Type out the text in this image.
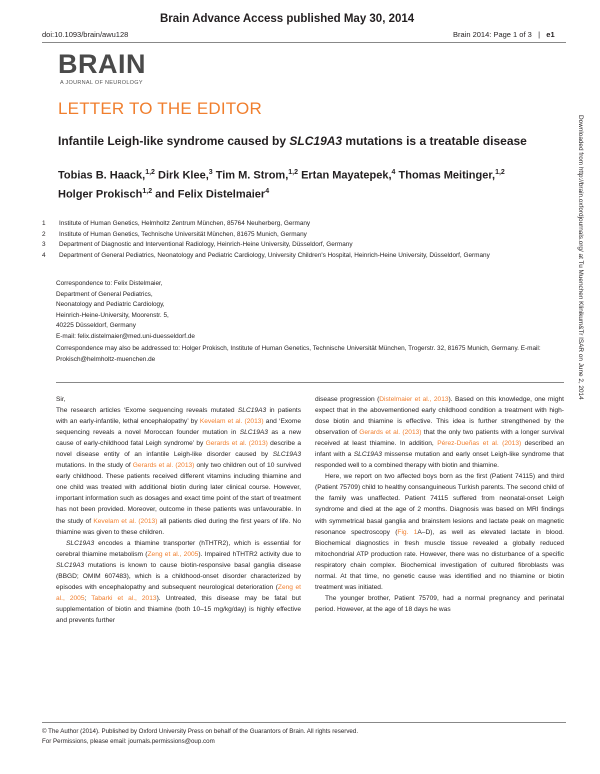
Brain Advance Access published May 30, 2014
doi:10.1093/brain/awu128	Brain 2014: Page 1 of 3 | e1
BRAIN
A JOURNAL OF NEUROLOGY
LETTER TO THE EDITOR
Infantile Leigh-like syndrome caused by SLC19A3 mutations is a treatable disease
Tobias B. Haack,$^{1,2}$ Dirk Klee,$^3$ Tim M. Strom,$^{1,2}$ Ertan Mayatepek,$^4$ Thomas Meitinger,$^{1,2}$
Holger Prokisch$^{1,2}$ and Felix Distelmaier$^4$
1	Institute of Human Genetics, Helmholtz Zentrum München, 85764 Neuherberg, Germany
2	Institute of Human Genetics, Technische Universität München, 81675 Munich, Germany
3	Department of Diagnostic and Interventional Radiology, Heinrich-Heine University, Düsseldorf, Germany
4	Department of General Pediatrics, Neonatology and Pediatric Cardiology, University Children's Hospital, Heinrich-Heine University, Düsseldorf, Germany
Correspondence to: Felix Distelmaier,
Department of General Pediatrics,
Neonatology and Pediatric Cardiology,
Heinrich-Heine-University, Moorenstr. 5,
40225 Düsseldorf, Germany
E-mail: felix.distelmaier@med.uni-duesseldorf.de
Correspondence may also be addressed to: Holger Prokisch, Institute of Human Genetics, Technische Universität München, Trogerstr. 32, 81675 Munich, Germany. E-mail: Prokisch@helmholtz-muenchen.de

Sir,

The research articles ‘Exome sequencing reveals mutated SLC19A3 in patients with an early-infantile, lethal encephalopathy’ by Kevelam et al. (2013) and ‘Exome sequencing reveals a novel Moroccan founder mutation in SLC19A3 as a new cause of early-childhood fatal Leigh syndrome’ by Gerards et al. (2013) describe a novel disease entity of an infantile Leigh-like disorder caused by SLC19A3 mutations. In the study of Gerards et al. (2013) only two children out of 10 survived early childhood. These patients received different vitamins including thiamine and one child was treated with additional biotin during later clinical course. However, important information such as dosages and exact time point of the start of treatment has not been provided. Moreover, outcome in these patients was unfavourable. In the study of Kevelam et al. (2013) all patients died during the first years of life. No thiamine was given to these children.

SLC19A3 encodes a thiamine transporter (hTHTR2), which is essential for cerebral thiamine metabolism (Zeng et al., 2005). Impaired hTHTR2 activity due to SLC19A3 mutations is known to cause biotin-responsive basal ganglia disease (BBGD; OMIM 607483), which is a childhood-onset disorder characterized by episodes with encephalopathy and subsequent neurological deterioration (Zeng et al., 2005; Tabarki et al., 2013). Untreated, this disease may be fatal but supplementation of biotin and thiamine (both 10–15 mg/kg/day) is highly effective and prevents further

disease progression (Distelmaier et al., 2013). Based on this knowledge, one might expect that in the abovementioned early childhood condition a treatment with high-dose biotin and thiamine is effective. This idea is further strengthened by the observation of Gerards et al. (2013) that the only two patients with a longer survival received at least thiamine. In addition, Pérez-Dueñas et al. (2013) described an infant with a SLC19A3 missense mutation and early onset Leigh-like syndrome that responded well to a combined therapy with biotin and thiamine.

Here, we report on two affected boys born as the first (Patient 74115) and third (Patient 75709) child to healthy consanguineous Turkish parents. The second child of the family was unaffected. Patient 74115 suffered from neonatal-onset Leigh syndrome and died at the age of 2 months. Diagnosis was based on MRI findings with symmetrical basal ganglia and brainstem lesions and lactate peak on magnetic resonance spectroscopy (Fig. 1A–D), as well as elevated lactate in blood. Biochemical diagnostics in fresh muscle tissue revealed a globally reduced mitochondrial ATP production rate. However, there was no disturbance of a specific respiratory chain complex. Biochemical investigation of cultured fibroblasts was normal. At that time, no genetic cause was identified and no thiamine or biotin treatment was initiated.

The younger brother, Patient 75709, had a normal pregnancy and perinatal period. However, at the age of 18 days he was

© The Author (2014). Published by Oxford University Press on behalf of the Guarantors of Brain. All rights reserved.
For Permissions, please email: journals.permissions@oup.com
Downloaded from http://brain.oxfordjournals.org/ at Tu Muenchen Klinikum&Tr ISAR on June 2, 2014
